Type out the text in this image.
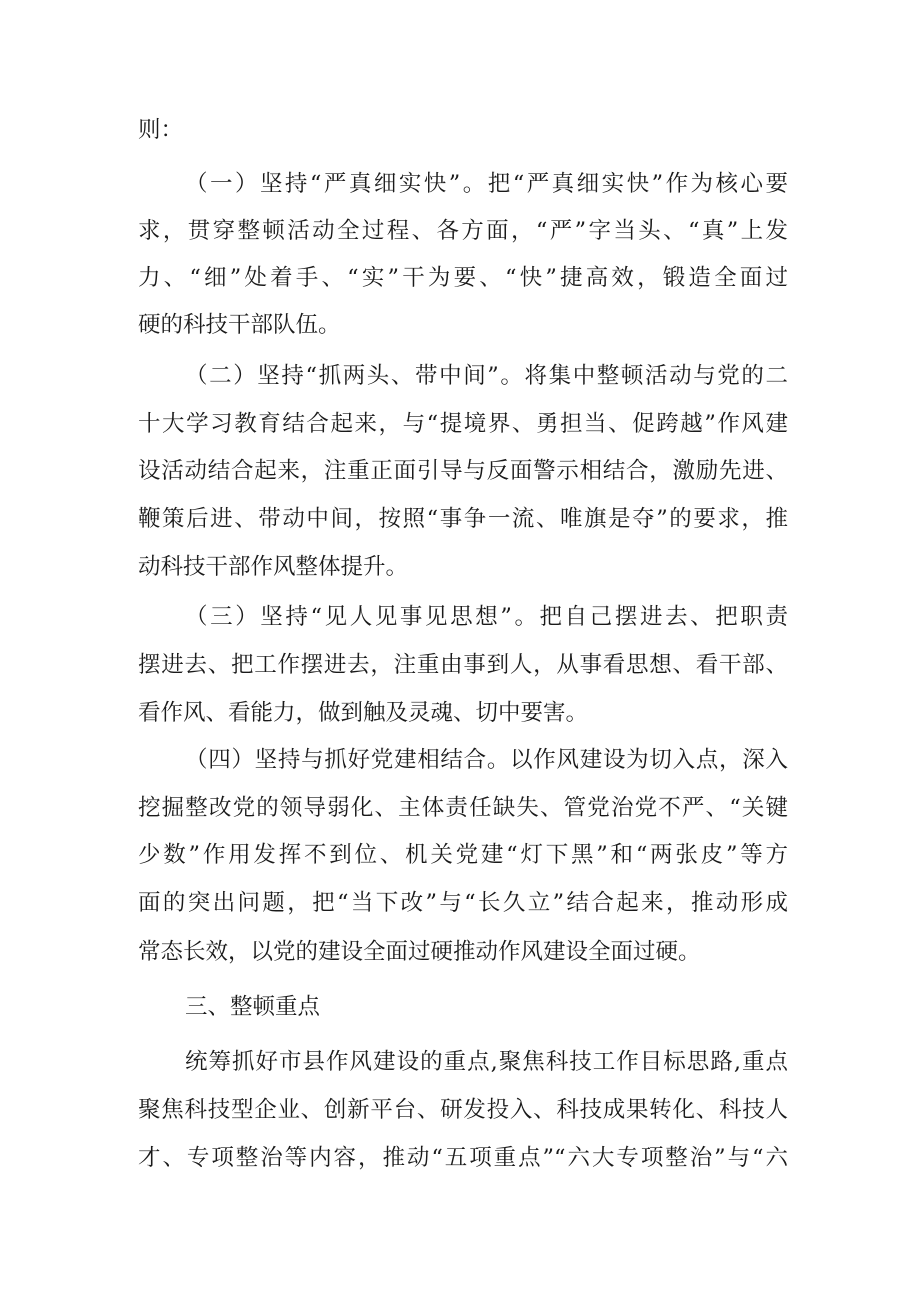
则：
（一）坚持“严真细实快”。把“严真细实快”作为核心要
求，贯穿整顿活动全过程、各方面，“严”字当头、“真”上发
力、“细”处着手、“实”干为要、“快”捷高效，锻造全面过
硬的科技干部队伍。
（二）坚持“抓两头、带中间”。将集中整顿活动与党的二
十大学习教育结合起来，与“提境界、勇担当、促跨越”作风建
设活动结合起来，注重正面引导与反面警示相结合，激励先进、
鞭策后进、带动中间，按照“事争一流、唯旗是夺”的要求，推
动科技干部作风整体提升。
（三）坚持“见人见事见思想”。把自己摆进去、把职责
摆进去、把工作摆进去，注重由事到人，从事看思想、看干部、
看作风、看能力，做到触及灵魂、切中要害。
（四）坚持与抓好党建相结合。以作风建设为切入点，深入
挖掘整改党的领导弱化、主体责任缺失、管党治党不严、“关键
少数”作用发挥不到位、机关党建“灯下黑”和“两张皮”等方
面的突出问题，把“当下改”与“长久立”结合起来，推动形成
常态长效，以党的建设全面过硬推动作风建设全面过硬。
三、整顿重点
统筹抓好市县作风建设的重点,聚焦科技工作目标思路,重点
聚焦科技型企业、创新平台、研发投入、科技成果转化、科技人
才、专项整治等内容，推动“五项重点”“六大专项整治”与“六
